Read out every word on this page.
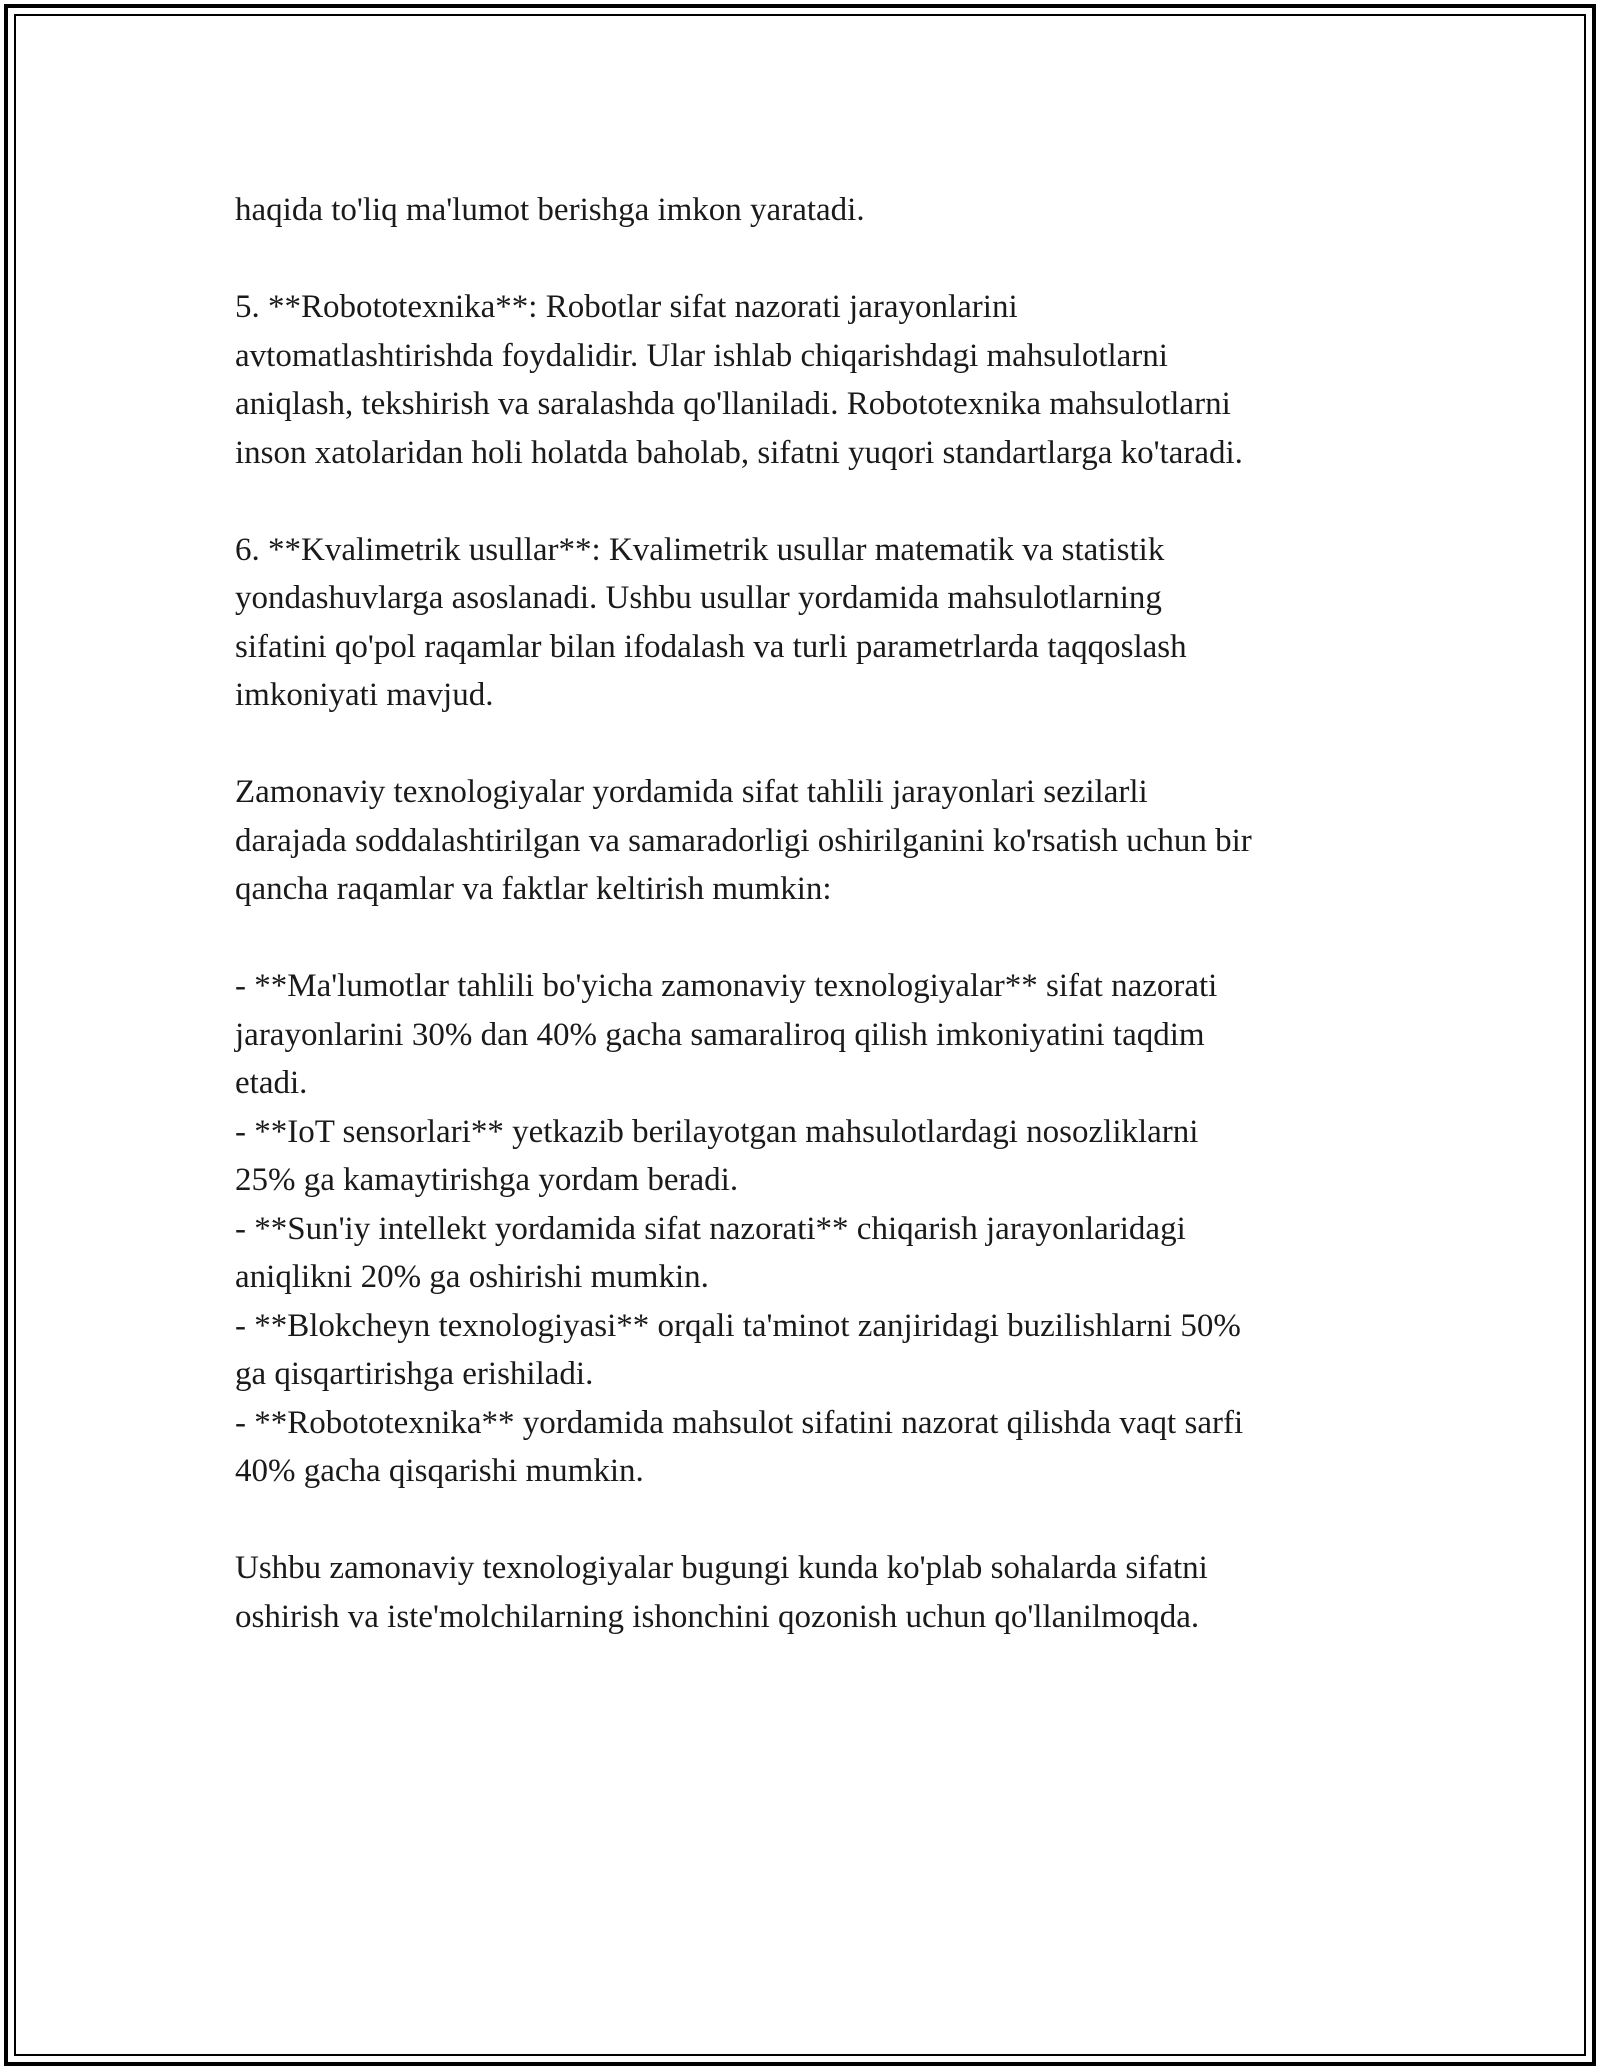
haqida to'liq ma'lumot berishga imkon yaratadi.
5. **Robototexnika**: Robotlar sifat nazorati jarayonlarini
avtomatlashtirishda foydalidir. Ular ishlab chiqarishdagi mahsulotlarni
aniqlash, tekshirish va saralashda qo'llaniladi. Robototexnika mahsulotlarni
inson xatolaridan holi holatda baholab, sifatni yuqori standartlarga ko'taradi.
6. **Kvalimetrik usullar**: Kvalimetrik usullar matematik va statistik
yondashuvlarga asoslanadi. Ushbu usullar yordamida mahsulotlarning
sifatini qo'pol raqamlar bilan ifodalash va turli parametrlarda taqqoslash
imkoniyati mavjud.
Zamonaviy texnologiyalar yordamida sifat tahlili jarayonlari sezilarli
darajada soddalashtirilgan va samaradorligi oshirilganini ko'rsatish uchun bir
qancha raqamlar va faktlar keltirish mumkin:
- **Ma'lumotlar tahlili bo'yicha zamonaviy texnologiyalar** sifat nazorati
jarayonlarini 30% dan 40% gacha samaraliroq qilish imkoniyatini taqdim
etadi.
- **IoT sensorlari** yetkazib berilayotgan mahsulotlardagi nosozliklarni
25% ga kamaytirishga yordam beradi.
- **Sun'iy intellekt yordamida sifat nazorati** chiqarish jarayonlaridagi
aniqlikni 20% ga oshirishi mumkin.
- **Blokcheyn texnologiyasi** orqali ta'minot zanjiridagi buzilishlarni 50%
ga qisqartirishga erishiladi.
- **Robototexnika** yordamida mahsulot sifatini nazorat qilishda vaqt sarfi
40% gacha qisqarishi mumkin.
Ushbu zamonaviy texnologiyalar bugungi kunda ko'plab sohalarda sifatni
oshirish va iste'molchilarning ishonchini qozonish uchun qo'llanilmoqda.
